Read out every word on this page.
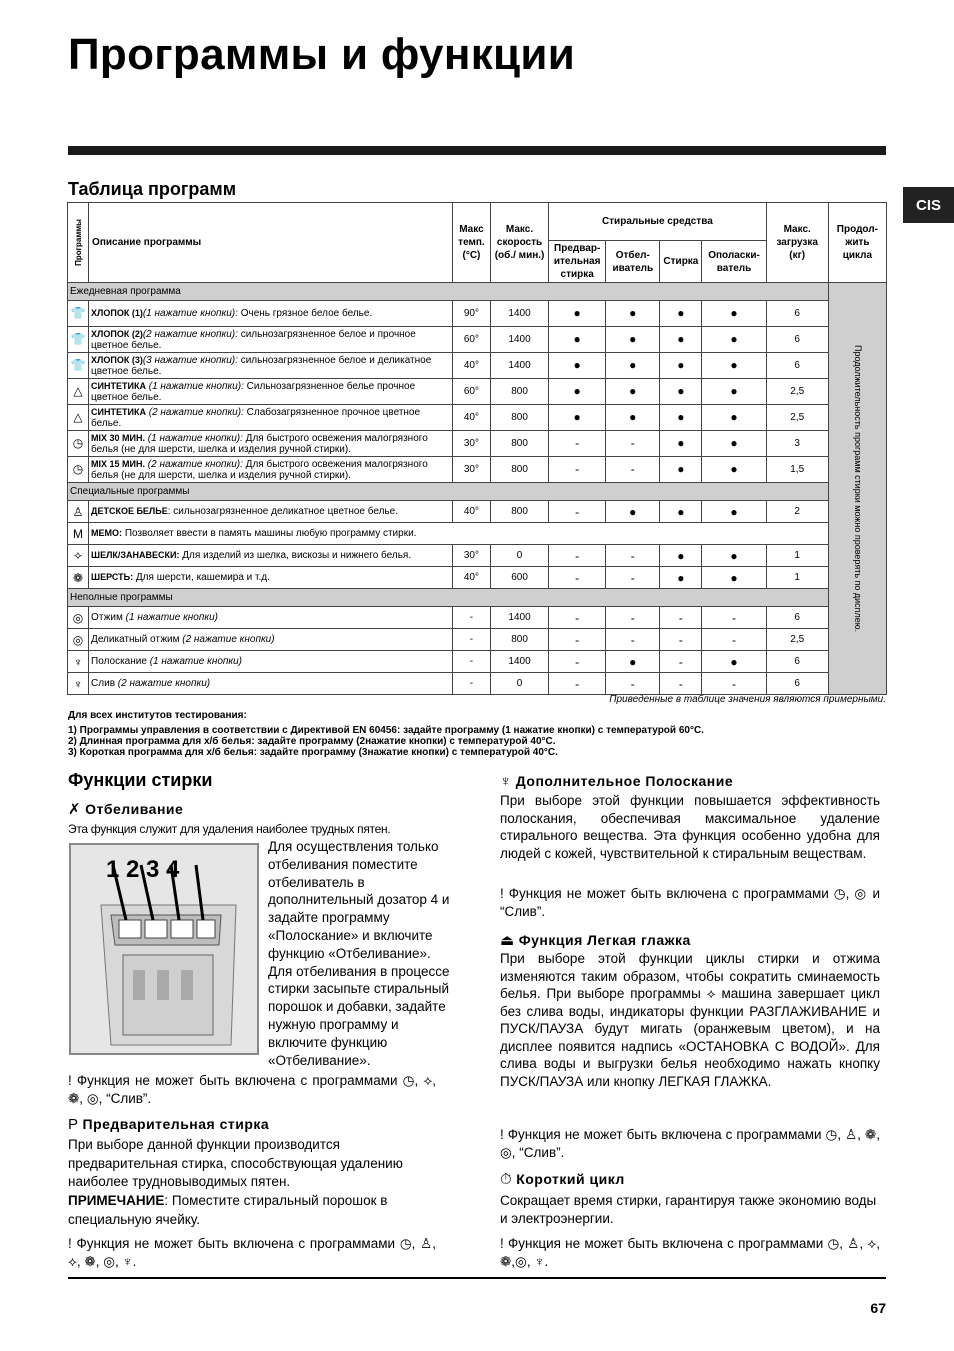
Программы и функции
CIS
Таблица программ
Программы	Описание программы	Макс темп. (°С)	Макс. скорость (об./ мин.)	Стиральные средства				Макс. загрузка (кг)	Продол- жить цикла
				Предвар- ительная стирка	Отбел- иватель	Стирка	Ополаски- ватель		
Ежедневная программа									Продолжительность программ стирки можно проверять по дисплею.

👕	ХЛОПОК (1)(1 нажатие кнопки): Очень грязное белое белье.	90°	1400	●	●	●	●	6	
👕	ХЛОПОК (2)(2 нажатие кнопки): сильнозагрязненное белое и прочное цветное белье.	60°	1400	●	●	●	●	6	
👕	ХЛОПОК (3)(3 нажатие кнопки): сильнозагрязненное белое и деликатное цветное белье.	40°	1400	●	●	●	●	6	
△	СИНТЕТИКА (1 нажатие кнопки): Сильнозагрязненное белье прочное цветное белье.	60°	800	●	●	●	●	2,5	
△	СИНТЕТИКА (2 нажатие кнопки): Слабозагрязненное прочное цветное белье.	40°	800	●	●	●	●	2,5	
◷	MIX 30 МИН. (1 нажатие кнопки): Для быстрого освежения малогрязного белья (не для шерсти, шелка и изделия ручной стирки).	30°	800	-	-	●	●	3	
◷	MIX 15 МИН. (2 нажатие кнопки): Для быстрого освежения малогрязного белья (не для шерсти, шелка и изделия ручной стирки).	30°	800	-	-	●	●	1,5	
Специальные программы									
♙	ДЕТСКОЕ БЕЛЬЕ: сильнозагрязненное деликатное цветное белье.	40°	800	-	●	●	●	2	
M	МЕМО: Позволяет ввести в память машины любую программу стирки.								
⟡	ШЕЛК/ЗАНАВЕСКИ: Для изделий из шелка, вискозы и нижнего белья.	30°	0	-	-	●	●	1	
❁	ШЕРСТЬ: Для шерсти, кашемира и т.д.	40°	600	-	-	●	●	1	
Неполные программы									
◎	Отжим (1 нажатие кнопки)	-	1400	-	-	-	-	6	
◎	Деликатный отжим (2 нажатие кнопки)	-	800	-	-	-	-	2,5	
♆	Полоскание (1 нажатие кнопки)	-	1400	-	●	-	●	6	
♆	Слив (2 нажатие кнопки)	-	0	-	-	-	-	6	
Приведенные в таблице значения являются примерными.
Для всех институтов тестирования:
1) Программы управления в соответствии с Директивой EN 60456: задайте программу (1 нажатие кнопки) с температурой 60°C.
2) Длинная программа для х/б белья: задайте программу (2нажатие кнопки) с температурой 40°C.
3) Короткая программа для х/б белья: задайте программу (3нажатие кнопки) с температурой 40°C.
Функции стирки
✗ Отбеливание
Эта функция служит для удаления наиболее трудных пятен.
1 2 3 4
Для осуществления только отбеливания поместите отбеливатель в дополнительный дозатор 4 и задайте программу «Полоскание» и включите функцию «Отбеливание». Для отбеливания в процессе стирки засыпьте стиральный порошок и добавки, задайте нужную программу и включите функцию «Отбеливание».
! Функция не может быть включена с программами ◷, ⟡, ❁, ◎, “Слив”.
P Предварительная стирка
При выборе данной функции производится предварительная стирка, способствующая удалению наиболее трудновыводимых пятен.
ПРИМЕЧАНИЕ: Поместите стиральный порошок в специальную ячейку.
! Функция не может быть включена с программами ◷, ♙, ⟡, ❁, ◎, ♆.
♆ Дополнительное Полоскание
При выборе этой функции повышается эффективность полоскания, обеспечивая максимальное удаление стирального вещества. Эта функция особенно удобна для людей с кожей, чувствительной к стиральным веществам.
! Функция не может быть включена с программами ◷, ◎ и “Слив”.
⏏ Функция Легкая глажка
При выборе этой функции циклы стирки и отжима изменяются таким образом, чтобы сократить сминаемость белья. При выборе программы ⟡ машина завершает цикл без слива воды, индикаторы функции РАЗГЛАЖИВАНИЕ и ПУСК/ПАУЗА будут мигать (оранжевым цветом), и на дисплее появится надпись «ОСТАНОВКА С ВОДОЙ». Для слива воды и выгрузки белья необходимо нажать кнопку ПУСК/ПАУЗА или кнопку ЛЕГКАЯ ГЛАЖКА.
! Функция не может быть включена с программами ◷, ♙, ❁, ◎, “Слив”.
⏱ Короткий цикл
Сокращает время стирки, гарантируя также экономию воды и электроэнергии.
! Функция не может быть включена с программами ◷, ♙, ⟡, ❁,◎, ♆.
67
